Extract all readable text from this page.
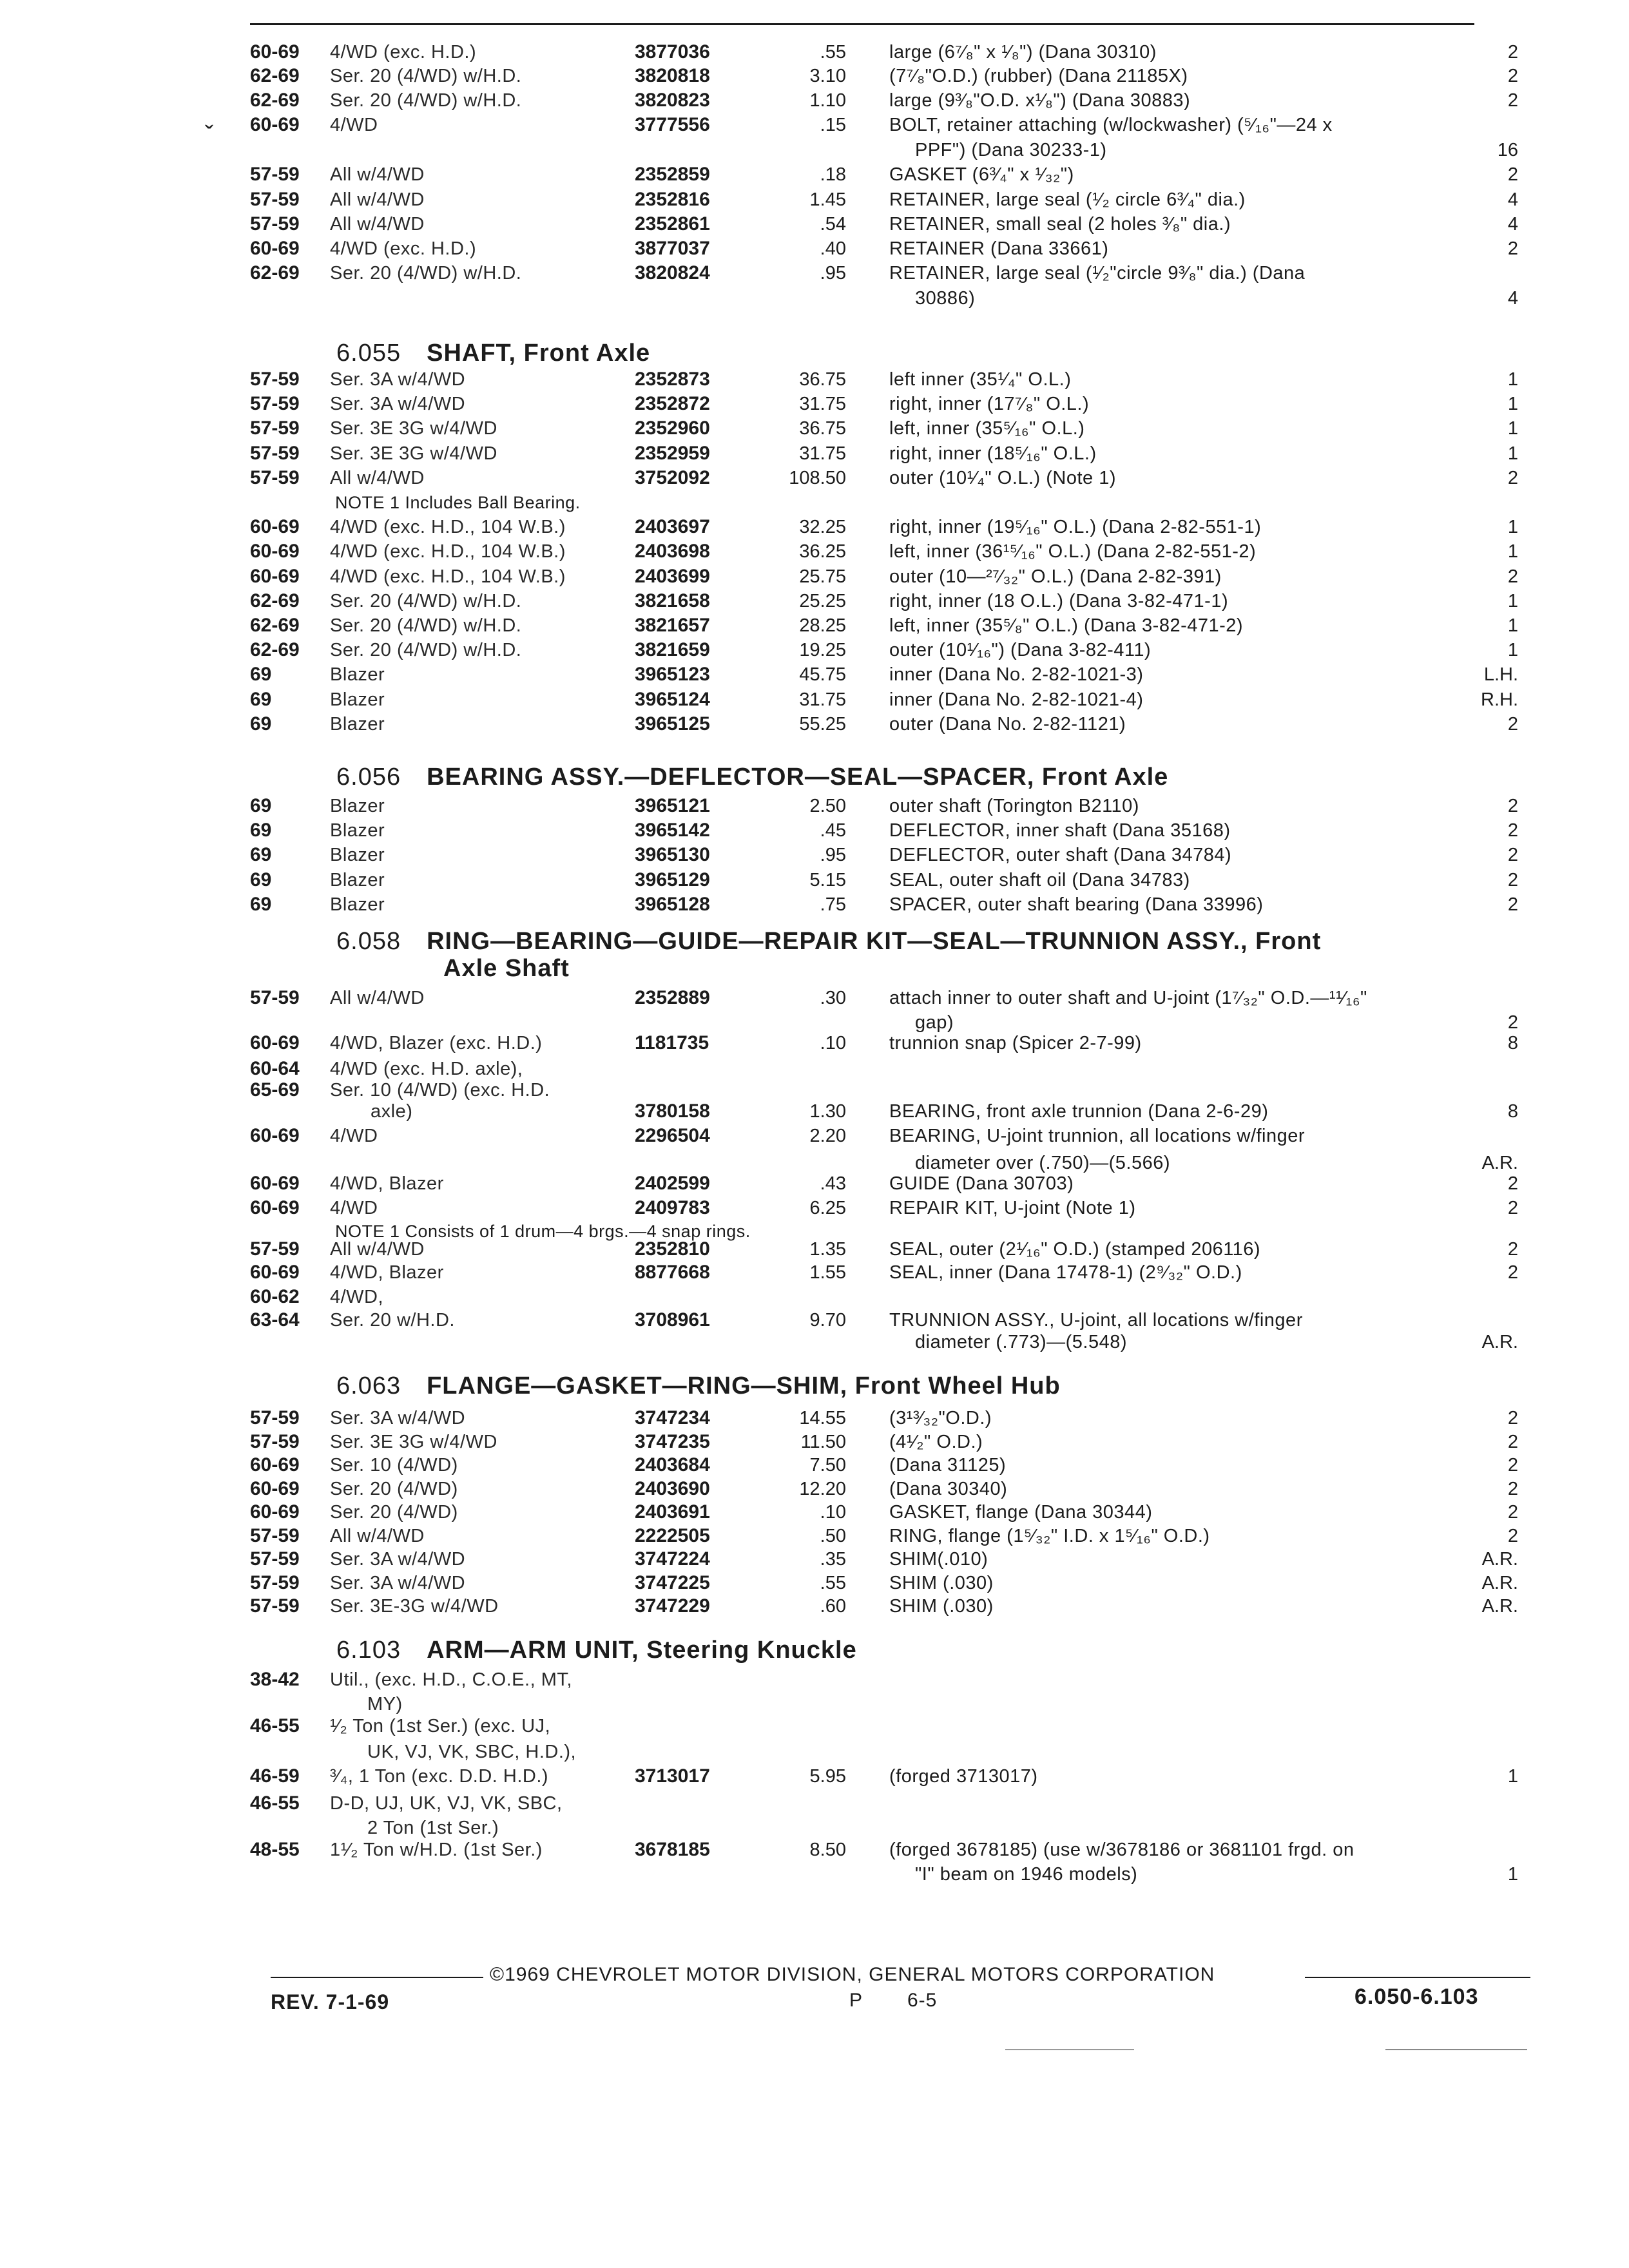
ˇ
60-69 4/WD (exc. H.D.)	3877036	.55 large (6⁷⁄₈" x ¹⁄₈") (Dana 30310)	2
62-69 Ser. 20 (4/WD) w/H.D.	3820818	3.10 (7⁷⁄₈"O.D.) (rubber) (Dana 21185X)	2
62-69 Ser. 20 (4/WD) w/H.D.	3820823	1.10 large (9³⁄₈"O.D. x¹⁄₈") (Dana 30883)	2
60-69 4/WD	3777556	.15 BOLT, retainer attaching (w/lockwasher) (⁵⁄₁₆"—24 x
PPF") (Dana 30233-1)	16
57-59 All w/4/WD	2352859	.18 GASKET (6³⁄₄" x ¹⁄₃₂")	2
57-59 All w/4/WD	2352816	1.45 RETAINER, large seal (¹⁄₂ circle 6³⁄₄" dia.)	4
57-59 All w/4/WD	2352861	.54 RETAINER, small seal (2 holes ³⁄₈" dia.)	4
60-69 4/WD (exc. H.D.)	3877037	.40 RETAINER (Dana 33661)	2
62-69 Ser. 20 (4/WD) w/H.D.	3820824	.95 RETAINER, large seal (¹⁄₂"circle 9³⁄₈" dia.) (Dana
30886)	4
6.055 SHAFT, Front Axle
57-59 Ser. 3A w/4/WD	2352873	36.75 left inner (35¹⁄₄" O.L.)	1
57-59 Ser. 3A w/4/WD	2352872	31.75 right, inner (17⁷⁄₈" O.L.)	1
57-59 Ser. 3E 3G w/4/WD	2352960	36.75 left, inner (35⁵⁄₁₆" O.L.)	1
57-59 Ser. 3E 3G w/4/WD	2352959	31.75 right, inner (18⁵⁄₁₆" O.L.)	1
57-59 All w/4/WD	3752092	108.50 outer (10¹⁄₄" O.L.) (Note 1)	2
NOTE 1 Includes Ball Bearing.
60-69 4/WD (exc. H.D., 104 W.B.)	2403697	32.25 right, inner (19⁵⁄₁₆" O.L.) (Dana 2-82-551-1)	1
60-69 4/WD (exc. H.D., 104 W.B.)	2403698	36.25 left, inner (36¹⁵⁄₁₆" O.L.) (Dana 2-82-551-2)	1
60-69 4/WD (exc. H.D., 104 W.B.)	2403699	25.75 outer (10—²⁷⁄₃₂" O.L.) (Dana 2-82-391)	2
62-69 Ser. 20 (4/WD) w/H.D.	3821658	25.25 right, inner (18 O.L.) (Dana 3-82-471-1)	1
62-69 Ser. 20 (4/WD) w/H.D.	3821657	28.25 left, inner (35⁵⁄₈" O.L.) (Dana 3-82-471-2)	1
62-69 Ser. 20 (4/WD) w/H.D.	3821659	19.25 outer (10¹⁄₁₆") (Dana 3-82-411)	1
69	Blazer	3965123	45.75 inner (Dana No. 2-82-1021-3)	L.H.
69	Blazer	3965124	31.75 inner (Dana No. 2-82-1021-4)	R.H.
69	Blazer	3965125	55.25 outer (Dana No. 2-82-1121)	2
6.056 BEARING ASSY.—DEFLECTOR—SEAL—SPACER, Front Axle
69	Blazer	3965121	2.50 outer shaft (Torington B2110)	2
69	Blazer	3965142	.45 DEFLECTOR, inner shaft (Dana 35168)	2
69	Blazer	3965130	.95 DEFLECTOR, outer shaft (Dana 34784)	2
69	Blazer	3965129	5.15 SEAL, outer shaft oil (Dana 34783)	2
69	Blazer	3965128	.75 SPACER, outer shaft bearing (Dana 33996)	2
6.058 RING—BEARING—GUIDE—REPAIR KIT—SEAL—TRUNNION ASSY., Front
Axle Shaft
57-59 All w/4/WD	2352889	.30 attach inner to outer shaft and U-joint (1⁷⁄₃₂" O.D.—¹¹⁄₁₆"
gap)	2
60-69 4/WD, Blazer (exc. H.D.)	1181735	.10 trunnion snap (Spicer 2-7-99)	8
60-64 4/WD (exc. H.D. axle),
65-69 Ser. 10 (4/WD) (exc. H.D.
axle)	3780158	1.30 BEARING, front axle trunnion (Dana 2-6-29)	8
60-69 4/WD	2296504	2.20 BEARING, U-joint trunnion, all locations w/finger
diameter over (.750)—(5.566)	A.R.
60-69 4/WD, Blazer	2402599	.43 GUIDE (Dana 30703)	2
60-69 4/WD	2409783	6.25 REPAIR KIT, U-joint (Note 1)	2
NOTE 1 Consists of 1 drum—4 brgs.—4 snap rings.
57-59 All w/4/WD	2352810	1.35 SEAL, outer (2¹⁄₁₆" O.D.) (stamped 206116)	2
60-69 4/WD, Blazer	8877668	1.55 SEAL, inner (Dana 17478-1) (2⁹⁄₃₂" O.D.)	2
60-62 4/WD,
63-64 Ser. 20 w/H.D.	3708961	9.70 TRUNNION ASSY., U-joint, all locations w/finger
diameter (.773)—(5.548)	A.R.
6.063 FLANGE—GASKET—RING—SHIM, Front Wheel Hub
57-59 Ser. 3A w/4/WD	3747234	14.55 (3¹³⁄₃₂"O.D.)	2
57-59 Ser. 3E 3G w/4/WD	3747235	11.50 (4¹⁄₂" O.D.)	2
60-69 Ser. 10 (4/WD)	2403684	7.50 (Dana 31125)	2
60-69 Ser. 20 (4/WD)	2403690	12.20 (Dana 30340)	2
60-69 Ser. 20 (4/WD)	2403691	.10 GASKET, flange (Dana 30344)	2
57-59 All w/4/WD	2222505	.50 RING, flange (1⁵⁄₃₂" I.D. x 1⁵⁄₁₆" O.D.)	2
57-59 Ser. 3A w/4/WD	3747224	.35 SHIM(.010)	A.R.
57-59 Ser. 3A w/4/WD	3747225	.55 SHIM (.030)	A.R.
57-59 Ser. 3E-3G w/4/WD	3747229	.60 SHIM (.030)	A.R.
6.103 ARM—ARM UNIT, Steering Knuckle
38-42 Util., (exc. H.D., C.O.E., MT,
MY)
46-55 ¹⁄₂ Ton (1st Ser.) (exc. UJ,
UK, VJ, VK, SBC, H.D.),
46-59 ³⁄₄, 1 Ton (exc. D.D. H.D.)	3713017	5.95 (forged 3713017)	1
46-55 D-D, UJ, UK, VJ, VK, SBC,
2 Ton (1st Ser.)
48-55 1¹⁄₂ Ton w/H.D. (1st Ser.)	3678185	8.50 (forged 3678185) (use w/3678186 or 3681101 frgd. on
"I" beam on 1946 models)	1
©1969 CHEVROLET MOTOR DIVISION, GENERAL MOTORS CORPORATION
REV. 7-1-69	P 6-5	6.050-6.103
